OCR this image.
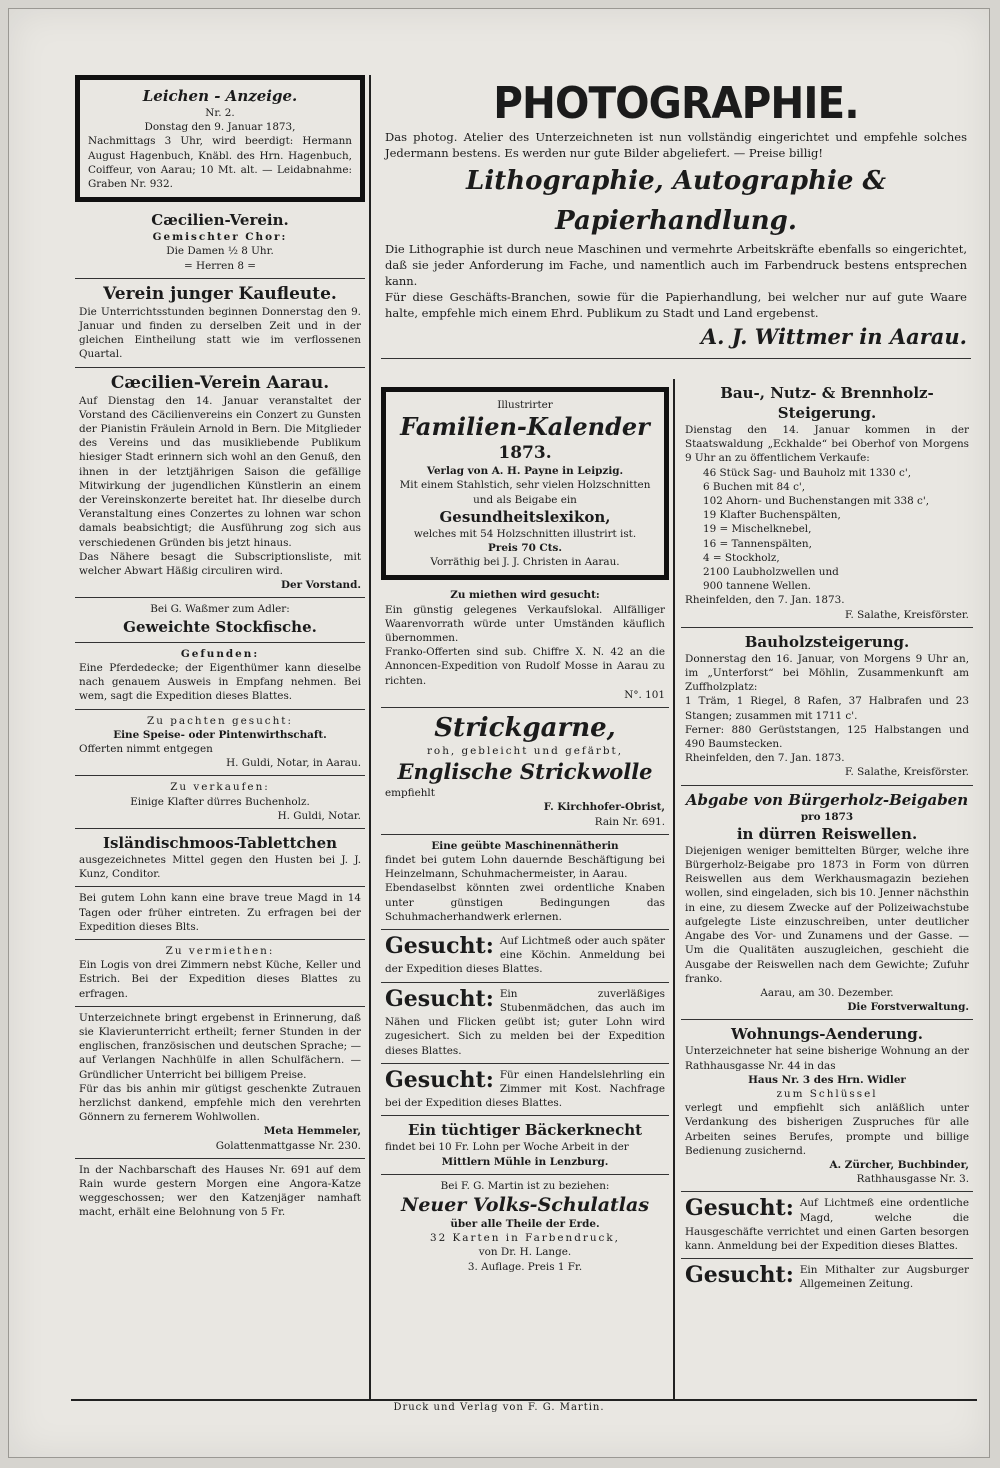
Leichen - Anzeige.

Nr. 2.

Donstag den 9. Januar 1873,

Nachmittags 3 Uhr, wird beerdigt: Hermann August Hagenbuch, Knäbl. des Hrn. Hagenbuch, Coiffeur, von Aarau; 10 Mt. alt. — Leidabnahme: Graben Nr. 932.

Cæcilien-Verein.

Gemischter Chor:

Die Damen ½ 8 Uhr.

= Herren 8 =

Verein junger Kaufleute.

Die Unterrichtsstunden beginnen Donnerstag den 9. Januar und finden zu derselben Zeit und in der gleichen Eintheilung statt wie im verflossenen Quartal.

Cæcilien-Verein Aarau.

Auf Dienstag den 14. Januar veranstaltet der Vorstand des Cäcilienvereins ein Conzert zu Gunsten der Pianistin Fräulein Arnold in Bern. Die Mitglieder des Vereins und das musikliebende Publikum hiesiger Stadt erinnern sich wohl an den Genuß, den ihnen in der letztjährigen Saison die gefällige Mitwirkung der jugendlichen Künstlerin an einem der Vereinskonzerte bereitet hat. Ihr dieselbe durch Veranstaltung eines Conzertes zu lohnen war schon damals beabsichtigt; die Ausführung zog sich aus verschiedenen Gründen bis jetzt hinaus.

Das Nähere besagt die Subscriptionsliste, mit welcher Abwart Häßig circuliren wird.

Der Vorstand.

Bei G. Waßmer zum Adler:

Geweichte Stockfische.

Gefunden:

Eine Pferdedecke; der Eigenthümer kann dieselbe nach genauem Ausweis in Empfang nehmen. Bei wem, sagt die Expedition dieses Blattes.

Zu pachten gesucht:

Eine Speise- oder Pintenwirthschaft.

Offerten nimmt entgegen

H. Guldi, Notar, in Aarau.

Zu verkaufen:

Einige Klafter dürres Buchenholz.

H. Guldi, Notar.

Isländischmoos-Tablettchen

ausgezeichnetes Mittel gegen den Husten bei J. J. Kunz, Conditor.

Bei gutem Lohn kann eine brave treue Magd in 14 Tagen oder früher eintreten. Zu erfragen bei der Expedition dieses Blts.

Zu vermiethen:

Ein Logis von drei Zimmern nebst Küche, Keller und Estrich. Bei der Expedition dieses Blattes zu erfragen.

Unterzeichnete bringt ergebenst in Erinnerung, daß sie Klavierunterricht ertheilt; ferner Stunden in der englischen, französischen und deutschen Sprache; — auf Verlangen Nachhülfe in allen Schulfächern. — Gründlicher Unterricht bei billigem Preise.

Für das bis anhin mir gütigst geschenkte Zutrauen herzlichst dankend, empfehle mich den verehrten Gönnern zu fernerem Wohlwollen.

Meta Hemmeler,

Golattenmattgasse Nr. 230.

In der Nachbarschaft des Hauses Nr. 691 auf dem Rain wurde gestern Morgen eine Angora-Katze weggeschossen; wer den Katzenjäger namhaft macht, erhält eine Belohnung von 5 Fr.

PHOTOGRAPHIE.

Das photog. Atelier des Unterzeichneten ist nun vollständig eingerichtet und empfehle solches Jedermann bestens. Es werden nur gute Bilder abgeliefert. — Preise billig!

Lithographie, Autographie & Papierhandlung.

Die Lithographie ist durch neue Maschinen und vermehrte Arbeitskräfte ebenfalls so eingerichtet, daß sie jeder Anforderung im Fache, und namentlich auch im Farbendruck bestens entsprechen kann.

Für diese Geschäfts-Branchen, sowie für die Papierhandlung, bei welcher nur auf gute Waare halte, empfehle mich einem Ehrd. Publikum zu Stadt und Land ergebenst.

A. J. Wittmer in Aarau.

Illustrirter

Familien-Kalender

1873.

Verlag von A. H. Payne in Leipzig.

Mit einem Stahlstich, sehr vielen Holzschnitten und als Beigabe ein

Gesundheitslexikon,

welches mit 54 Holzschnitten illustrirt ist.

Preis 70 Cts.

Vorräthig bei J. J. Christen in Aarau.

Zu miethen wird gesucht:

Ein günstig gelegenes Verkaufslokal. Allfälliger Waarenvorrath würde unter Umständen käuflich übernommen.

Franko-Offerten sind sub. Chiffre X. N. 42 an die Annoncen-Expedition von Rudolf Mosse in Aarau zu richten.

N°. 101

Strickgarne,

roh, gebleicht und gefärbt,

Englische Strickwolle

empfiehlt

F. Kirchhofer-Obrist,

Rain Nr. 691.

Eine geübte Maschinennätherin

findet bei gutem Lohn dauernde Beschäftigung bei Heinzelmann, Schuhmachermeister, in Aarau.

Ebendaselbst könnten zwei ordentliche Knaben unter günstigen Bedingungen das Schuhmacherhandwerk erlernen.

Gesucht: Auf Lichtmeß oder auch später eine Köchin. Anmeldung bei der Expedition dieses Blattes.

Gesucht: Ein zuverläßiges Stubenmädchen, das auch im Nähen und Flicken geübt ist; guter Lohn wird zugesichert. Sich zu melden bei der Expedition dieses Blattes.

Gesucht: Für einen Handelslehrling ein Zimmer mit Kost. Nachfrage bei der Expedition dieses Blattes.

Ein tüchtiger Bäckerknecht

findet bei 10 Fr. Lohn per Woche Arbeit in der

Mittlern Mühle in Lenzburg.

Bei F. G. Martin ist zu beziehen:

Neuer Volks-Schulatlas

über alle Theile der Erde.

32 Karten in Farbendruck,

von Dr. H. Lange.

3. Auflage. Preis 1 Fr.

Bau-, Nutz- & Brennholz-Steigerung.

Dienstag den 14. Januar kommen in der Staatswaldung „Eckhalde“ bei Oberhof von Morgens 9 Uhr an zu öffentlichem Verkaufe:

46 Stück Sag- und Bauholz mit 1330 c',

6 Buchen mit 84 c',

102 Ahorn- und Buchenstangen mit 338 c',

19 Klafter Buchenspälten,

19 = Mischelknebel,

16 = Tannenspälten,

4 = Stockholz,

2100 Laubholzwellen und

900 tannene Wellen.

Rheinfelden, den 7. Jan. 1873.

F. Salathe, Kreisförster.

Bauholzsteigerung.

Donnerstag den 16. Januar, von Morgens 9 Uhr an, im „Unterforst“ bei Möhlin, Zusammenkunft am Zuffholzplatz:

1 Träm, 1 Riegel, 8 Rafen, 37 Halbrafen und 23 Stangen; zusammen mit 1711 c'.

Ferner: 880 Gerüststangen, 125 Halbstangen und 490 Baumstecken.

Rheinfelden, den 7. Jan. 1873.

F. Salathe, Kreisförster.

Abgabe von Bürgerholz-Beigaben

pro 1873

in dürren Reiswellen.

Diejenigen weniger bemittelten Bürger, welche ihre Bürgerholz-Beigabe pro 1873 in Form von dürren Reiswellen aus dem Werkhausmagazin beziehen wollen, sind eingeladen, sich bis 10. Jenner nächsthin in eine, zu diesem Zwecke auf der Polizeiwachstube aufgelegte Liste einzuschreiben, unter deutlicher Angabe des Vor- und Zunamens und der Gasse. — Um die Qualitäten auszugleichen, geschieht die Ausgabe der Reiswellen nach dem Gewichte; Zufuhr franko.

Aarau, am 30. Dezember.

Die Forstverwaltung.

Wohnungs-Aenderung.

Unterzeichneter hat seine bisherige Wohnung an der Rathhausgasse Nr. 44 in das

Haus Nr. 3 des Hrn. Widler

zum Schlüssel

verlegt und empfiehlt sich anläßlich unter Verdankung des bisherigen Zuspruches für alle Arbeiten seines Berufes, prompte und billige Bedienung zusichernd.

A. Zürcher, Buchbinder,

Rathhausgasse Nr. 3.

Gesucht: Auf Lichtmeß eine ordentliche Magd, welche die Hausgeschäfte verrichtet und einen Garten besorgen kann. Anmeldung bei der Expedition dieses Blattes.

Gesucht: Ein Mithalter zur Augsburger Allgemeinen Zeitung.

Druck und Verlag von F. G. Martin.
